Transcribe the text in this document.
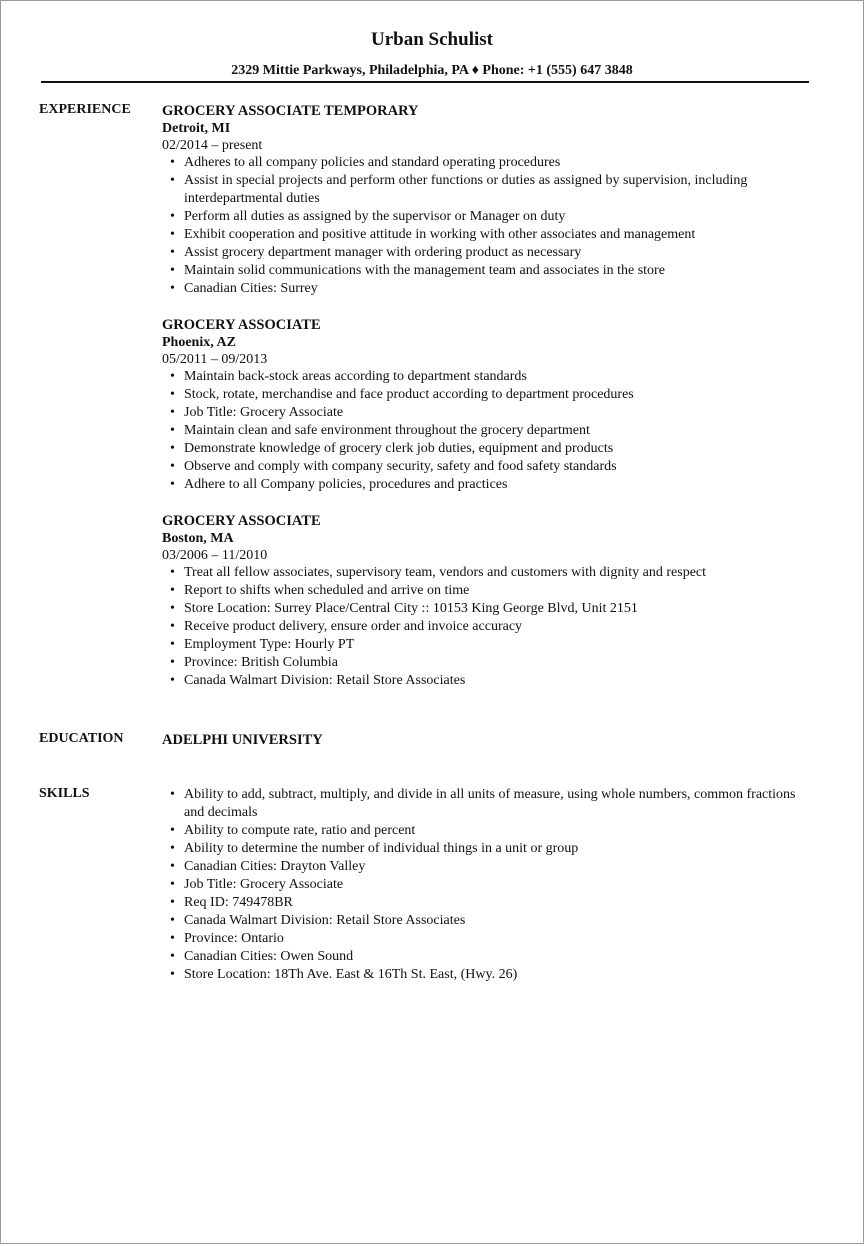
Urban Schulist
2329 Mittie Parkways, Philadelphia, PA ♦ Phone: +1 (555) 647 3848
EXPERIENCE GROCERY ASSOCIATE TEMPORARY
Detroit, MI
02/2014 – present
• Adheres to all company policies and standard operating procedures
• Assist in special projects and perform other functions or duties as assigned by supervision, including interdepartmental duties
• Perform all duties as assigned by the supervisor or Manager on duty
• Exhibit cooperation and positive attitude in working with other associates and management
• Assist grocery department manager with ordering product as necessary
• Maintain solid communications with the management team and associates in the store
• Canadian Cities: Surrey
GROCERY ASSOCIATE
Phoenix, AZ
05/2011 – 09/2013
• Maintain back-stock areas according to department standards
• Stock, rotate, merchandise and face product according to department procedures
• Job Title: Grocery Associate
• Maintain clean and safe environment throughout the grocery department
• Demonstrate knowledge of grocery clerk job duties, equipment and products
• Observe and comply with company security, safety and food safety standards
• Adhere to all Company policies, procedures and practices
GROCERY ASSOCIATE
Boston, MA
03/2006 – 11/2010
• Treat all fellow associates, supervisory team, vendors and customers with dignity and respect
• Report to shifts when scheduled and arrive on time
• Store Location: Surrey Place/Central City :: 10153 King George Blvd, Unit 2151
• Receive product delivery, ensure order and invoice accuracy
• Employment Type: Hourly PT
• Province: British Columbia
• Canada Walmart Division: Retail Store Associates
EDUCATION	ADELPHI UNIVERSITY
SKILLS
•	Ability to add, subtract, multiply, and divide in all units of measure, using whole numbers, common fractions and decimals
• Ability to compute rate, ratio and percent
• Ability to determine the number of individual things in a unit or group
• Canadian Cities: Drayton Valley
• Job Title: Grocery Associate
• Req ID: 749478BR
• Canada Walmart Division: Retail Store Associates
• Province: Ontario
• Canadian Cities: Owen Sound
• Store Location: 18Th Ave. East & 16Th St. East, (Hwy. 26)
